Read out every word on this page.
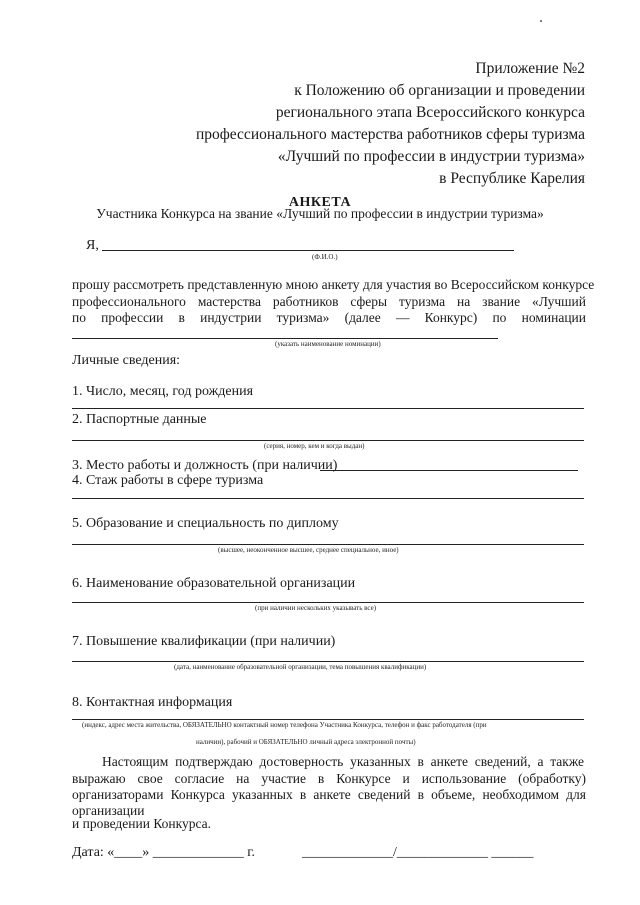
Приложение №2
к Положению об организации и проведении
регионального этапа Всероссийского конкурса
профессионального мастерства работников сферы туризма
«Лучший по профессии в индустрии туризма»
в Республике Карелия
АНКЕТА
Участника Конкурса на звание «Лучший по профессии в индустрии туризма»
Я,
(Ф.И.О.)
прошу рассмотреть представленную мною анкету для участия во Всероссийском конкурсе
профессионального мастерства работников сферы туризма на звание «Лучший
по профессии в индустрии туризма» (далее — Конкурс) по номинации
(указать наименование номинации)
Личные сведения:
1. Число, месяц, год рождения
2. Паспортные данные
(серия, номер, кем и когда выдан)
3. Место работы и должность (при наличии)
4. Стаж работы в сфере туризма
5. Образование и специальность по диплому
(высшее, неоконченное высшее, среднее специальное, иное)
6. Наименование образовательной организации
(при наличии нескольких указывать все)
7. Повышение квалификации (при наличии)
(дата, наименование образовательной организации, тема повышения квалификации)
8. Контактная информация
(индекс, адрес места жительства, ОБЯЗАТЕЛЬНО контактный номер телефона Участника Конкурса, телефон и факс работодателя (при
наличии), рабочий и ОБЯЗАТЕЛЬНО личный адреса электронной почты)
Настоящим подтверждаю достоверность указанных в анкете сведений, а также
выражаю свое согласие на участие в Конкурсе и использование (обработку)
организаторами Конкурса указанных в анкете сведений в объеме, необходимом для
организации
и проведении Конкурса.
Дата: «____» _____________ г.	_____________/_____________ ______
